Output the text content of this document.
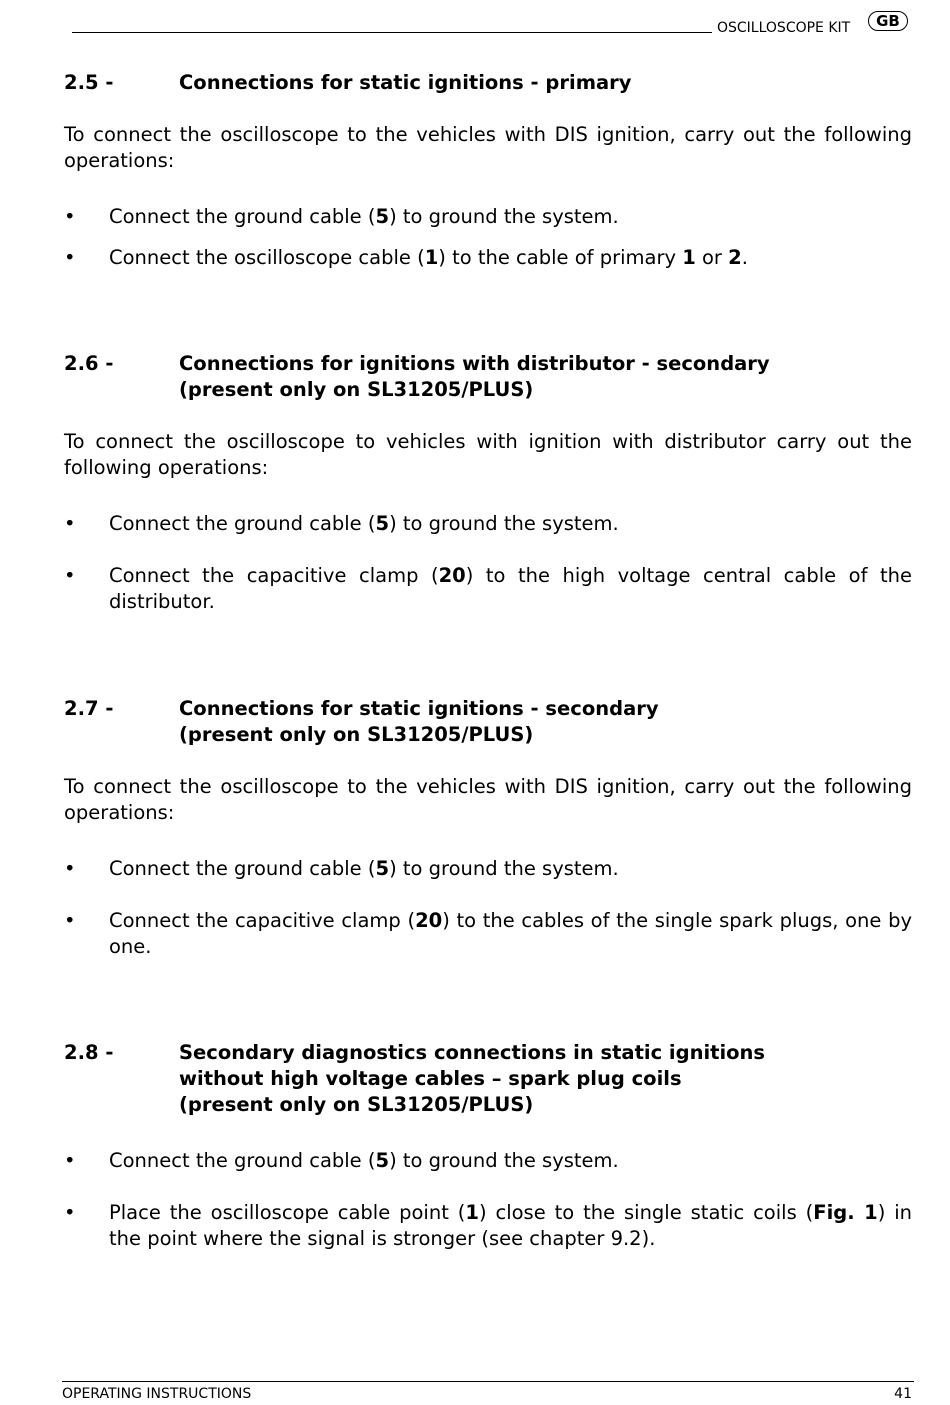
OSCILLOSCOPE KIT	GB
2.5 -	Connections for static ignitions - primary
To connect the oscilloscope to the vehicles with DIS ignition, carry out the following operations:
•
Connect the ground cable (5) to ground the system.
•
Connect the oscilloscope cable (1) to the cable of primary 1 or 2.
2.6 -	Connections for ignitions with distributor - secondary
(present only on SL31205/PLUS)
To connect the oscilloscope to vehicles with ignition with distributor carry out the following operations:
•
Connect the ground cable (5) to ground the system.
•
Connect the capacitive clamp (20) to the high voltage central cable of the distributor.
2.7 -	Connections for static ignitions - secondary
(present only on SL31205/PLUS)
To connect the oscilloscope to the vehicles with DIS ignition, carry out the following operations:
•
Connect the ground cable (5) to ground the system.
•
Connect the capacitive clamp (20) to the cables of the single spark plugs, one by one.
2.8 -	Secondary diagnostics connections in static ignitions
without high voltage cables – spark plug coils
(present only on SL31205/PLUS)
•
Connect the ground cable (5) to ground the system.
•
Place the oscilloscope cable point (1) close to the single static coils (Fig. 1) in the point where the signal is stronger (see chapter 9.2).
OPERATING INSTRUCTIONS	41
